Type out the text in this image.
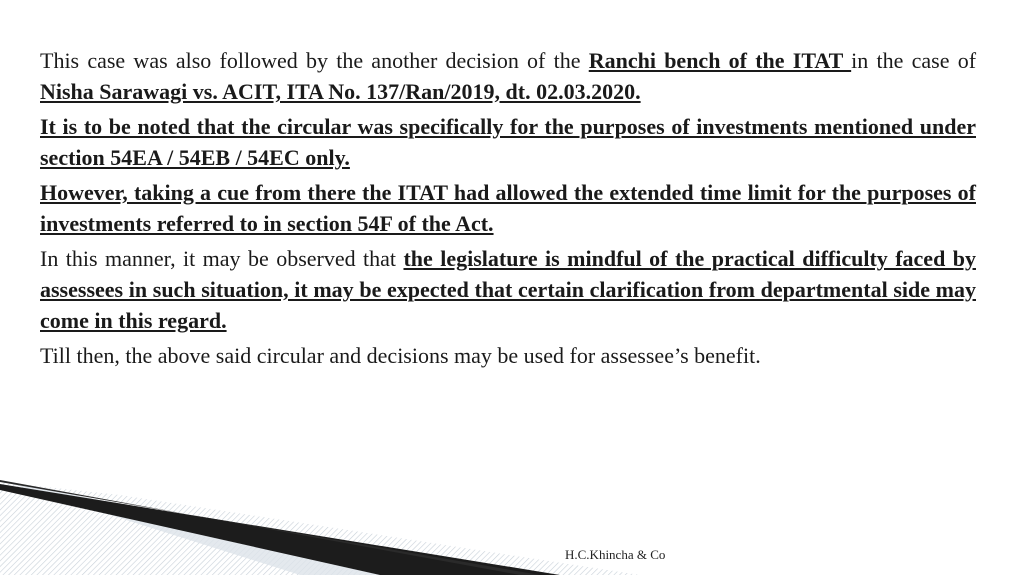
This case was also followed by the another decision of the Ranchi bench of the ITAT in the case of Nisha Sarawagi vs. ACIT, ITA No. 137/Ran/2019, dt. 02.03.2020.

It is to be noted that the circular was specifically for the purposes of investments mentioned under section 54EA / 54EB / 54EC only.

However, taking a cue from there the ITAT had allowed the extended time limit for the purposes of investments referred to in section 54F of the Act.

In this manner, it may be observed that the legislature is mindful of the practical difficulty faced by assessees in such situation, it may be expected that certain clarification from departmental side may come in this regard.

Till then, the above said circular and decisions may be used for assessee’s benefit.

H.C.Khincha & Co
